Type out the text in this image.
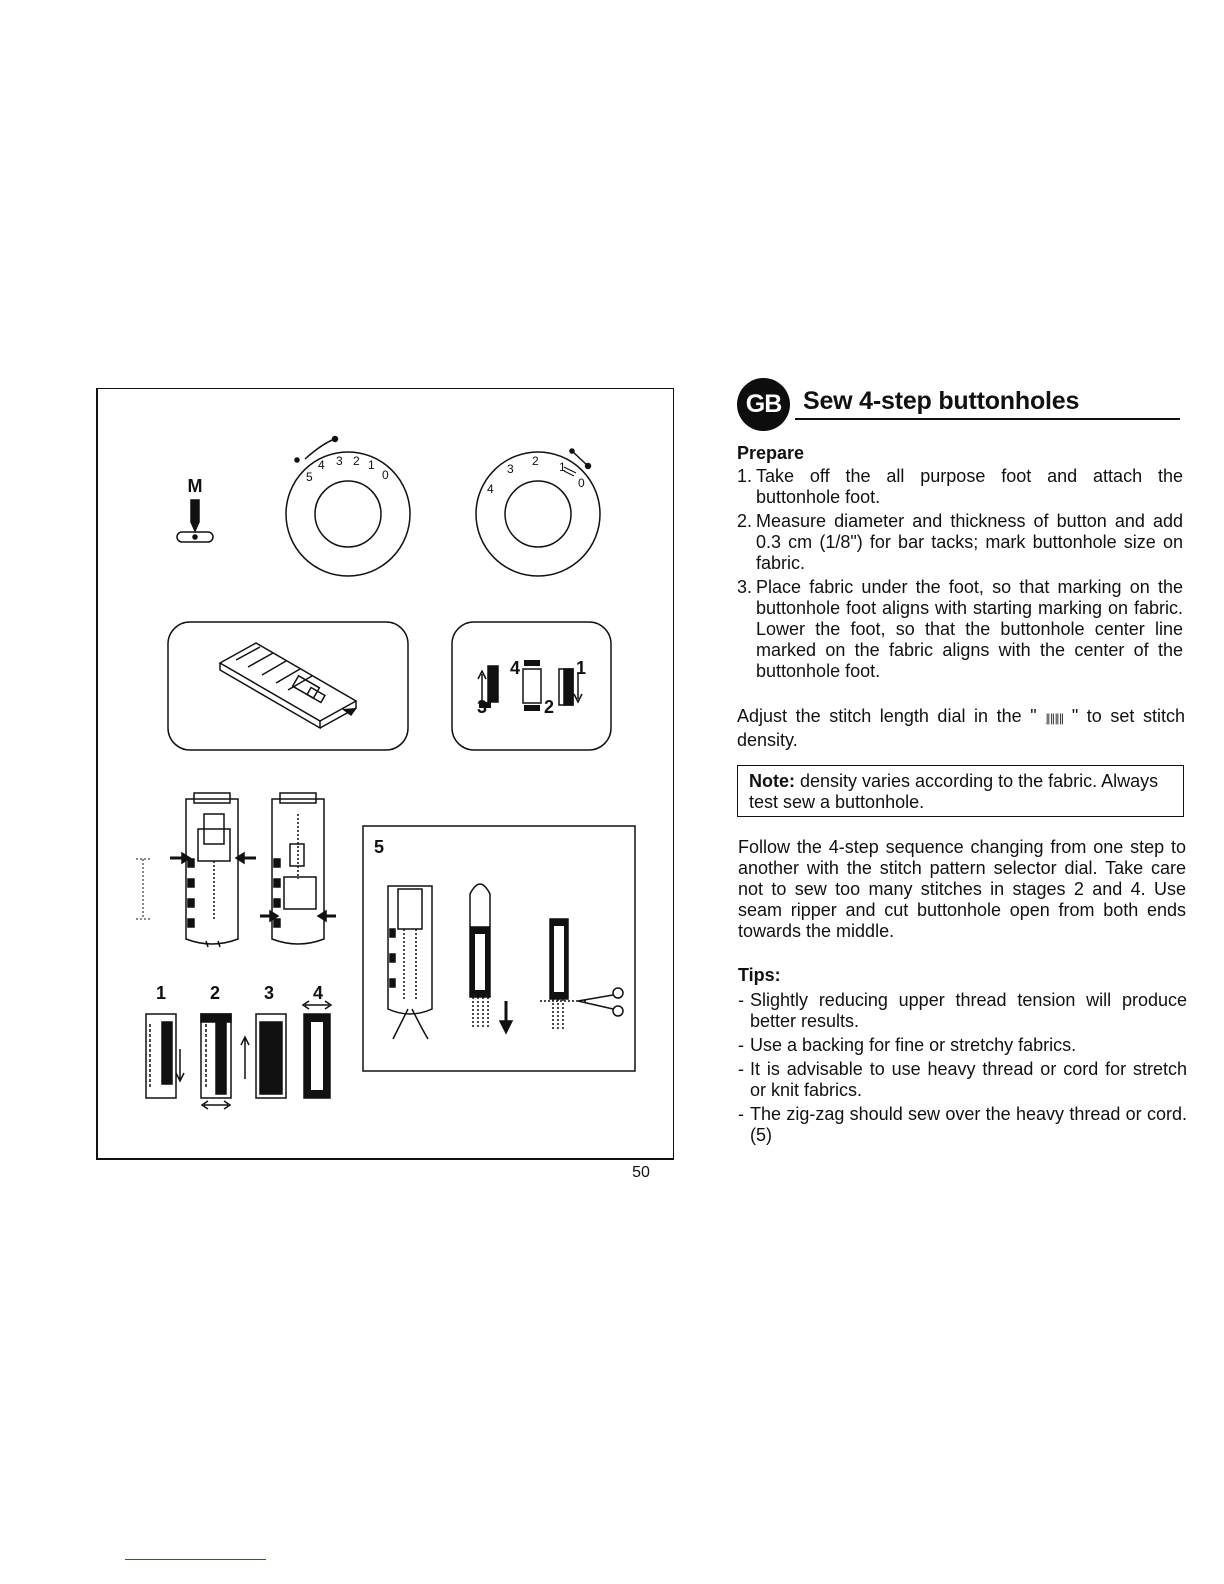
M
4 3 2 1
0
5
3
2
4	0
1
4	1
3	2
1 2 3 4
5
50
GB Sew 4-step buttonholes
Prepare
1. Take off the all purpose foot and attach the buttonhole foot.
2. Measure diameter and thickness of button and add 0.3 cm (1/8") for bar tacks; mark buttonhole size on fabric.
3. Place fabric under the foot, so that marking on the buttonhole foot aligns with starting marking on fabric. Lower the foot, so that the buttonhole center line marked on the fabric aligns with the center of the buttonhole foot.
Adjust the stitch length dial in the " ∥∥∥∥ " to set stitch density.
Note: density varies according to the fabric. Always test sew a buttonhole.
Follow the 4-step sequence changing from one step to another with the stitch pattern selector dial. Take care not to sew too many stitches in stages 2 and 4. Use seam ripper and cut buttonhole open from both ends towards the middle.
Tips:
- Slightly reducing upper thread tension will produce better results.
- Use a backing for fine or stretchy fabrics.
- It is advisable to use heavy thread or cord for stretch or knit fabrics.
- The zig-zag should sew over the heavy thread or cord. (5)
